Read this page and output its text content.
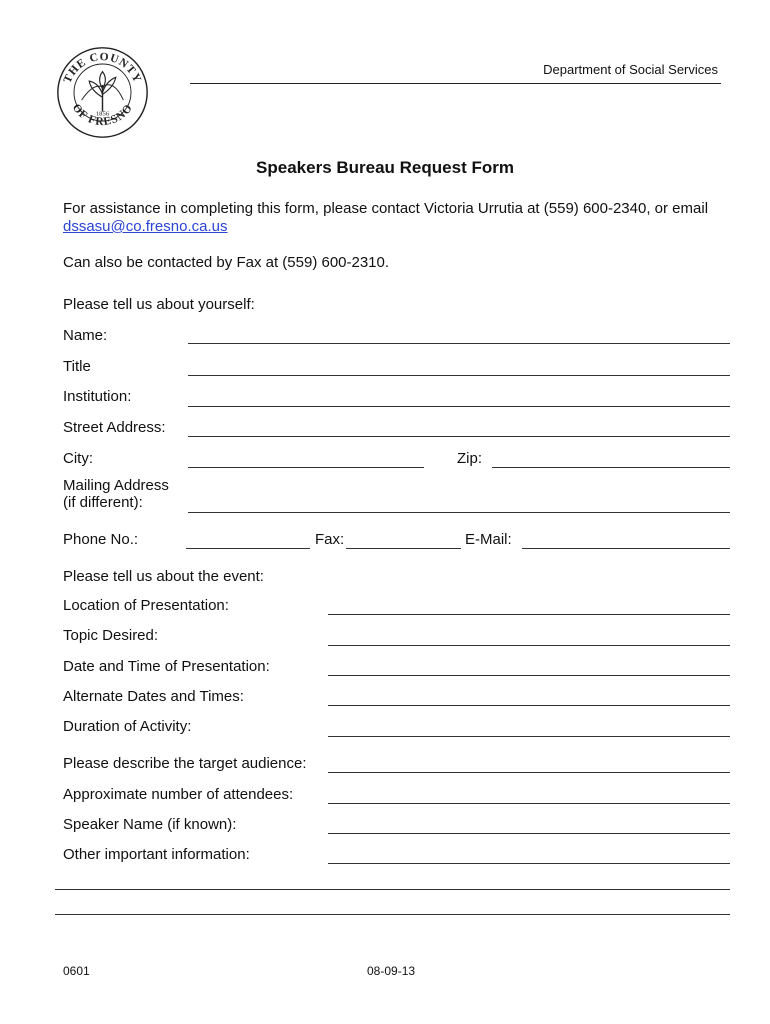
THE COUNTY
OF FRESNO
1856
Department of Social Services
Speakers Bureau Request Form
For assistance in completing this form, please contact Victoria Urrutia at (559) 600-2340, or email
dssasu@co.fresno.ca.us
Can also be contacted by Fax at (559) 600-2310.
Please tell us about yourself:
Name:
Title
Institution:
Street Address:
City:	Zip:
Mailing Address
(if different):
Phone No.:	Fax:	E-Mail:
Please tell us about the event:
Location of Presentation:
Topic Desired:
Date and Time of Presentation:
Alternate Dates and Times:
Duration of Activity:
Please describe the target audience:
Approximate number of attendees:
Speaker Name (if known):
Other important information:
0601	08-09-13
